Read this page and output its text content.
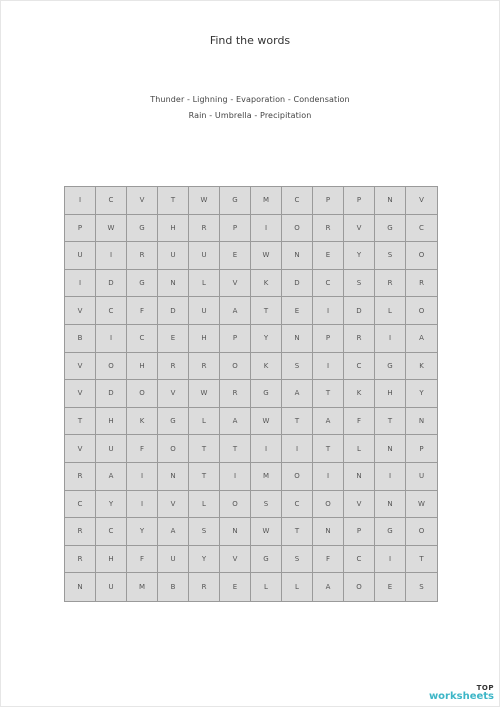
Find the words
Thunder - Lighning - Evaporation - Condensation
Rain - Umbrella - Precipitation
I	C	V	T	W	G	M	C	P	P	N	V
P	W	G	H	R	P	I	O	R	V	G	C
U	I	R	U	U	E	W	N	E	Y	S	O
I	D	G	N	L	V	K	D	C	S	R	R
V	C	F	D	U	A	T	E	I	D	L	O
B	I	C	E	H	P	Y	N	P	R	I	A
V	O	H	R	R	O	K	S	I	C	G	K
V	D	O	V	W	R	G	A	T	K	H	Y
T	H	K	G	L	A	W	T	A	F	T	N
V	U	F	O	T	T	I	I	T	L	N	P
R	A	I	N	T	I	M	O	I	N	I	U
C	Y	I	V	L	O	S	C	O	V	N	W
R	C	Y	A	S	N	W	T	N	P	G	O
R	H	F	U	Y	V	G	S	F	C	I	T
N	U	M	B	R	E	L	L	A	O	E	S
TOP
worksheets
